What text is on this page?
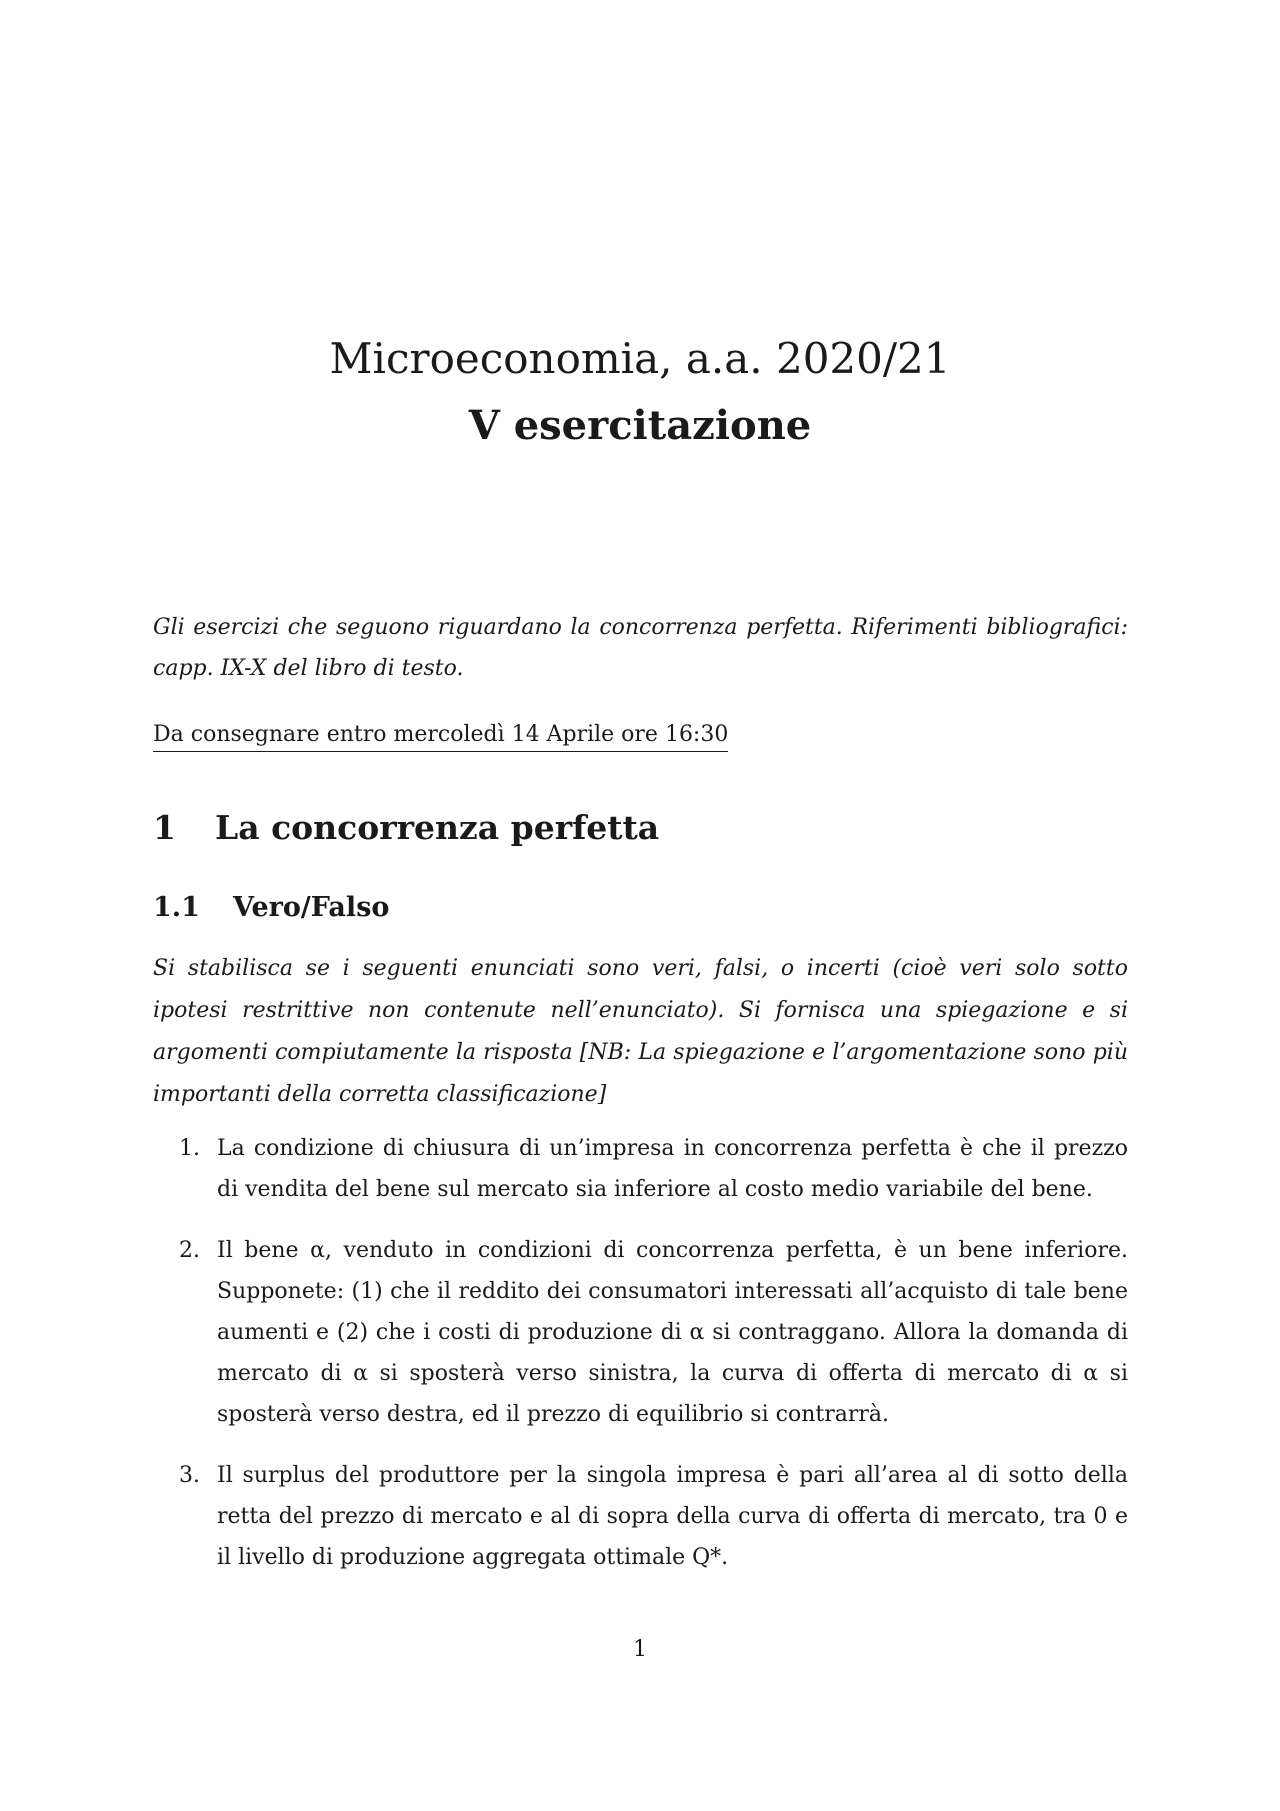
Microeconomia, a.a. 2020/21
V esercitazione
Gli esercizi che seguono riguardano la concorrenza perfetta. Riferimenti bibliografici: capp. IX-X del libro di testo.
Da consegnare entro mercoledì 14 Aprile ore 16:30
1 La concorrenza perfetta
1.1 Vero/Falso
Si stabilisca se i seguenti enunciati sono veri, falsi, o incerti (cioè veri solo sotto ipotesi restrittive non contenute nell’enunciato). Si fornisca una spiegazione e si argomenti compiutamente la risposta [NB: La spiegazione e l’argomentazione sono più importanti della corretta classificazione]
1. La condizione di chiusura di un’impresa in concorrenza perfetta è che il prezzo di vendita del bene sul mercato sia inferiore al costo medio variabile del bene.
2. Il bene α, venduto in condizioni di concorrenza perfetta, è un bene inferiore. Supponete: (1) che il reddito dei consumatori interessati all’acquisto di tale bene aumenti e (2) che i costi di produzione di α si contraggano. Allora la domanda di mercato di α si sposterà verso sinistra, la curva di offerta di mercato di α si sposterà verso destra, ed il prezzo di equilibrio si contrarrà.
3. Il surplus del produttore per la singola impresa è pari all’area al di sotto della retta del prezzo di mercato e al di sopra della curva di offerta di mercato, tra 0 e il livello di produzione aggregata ottimale Q*.
1
